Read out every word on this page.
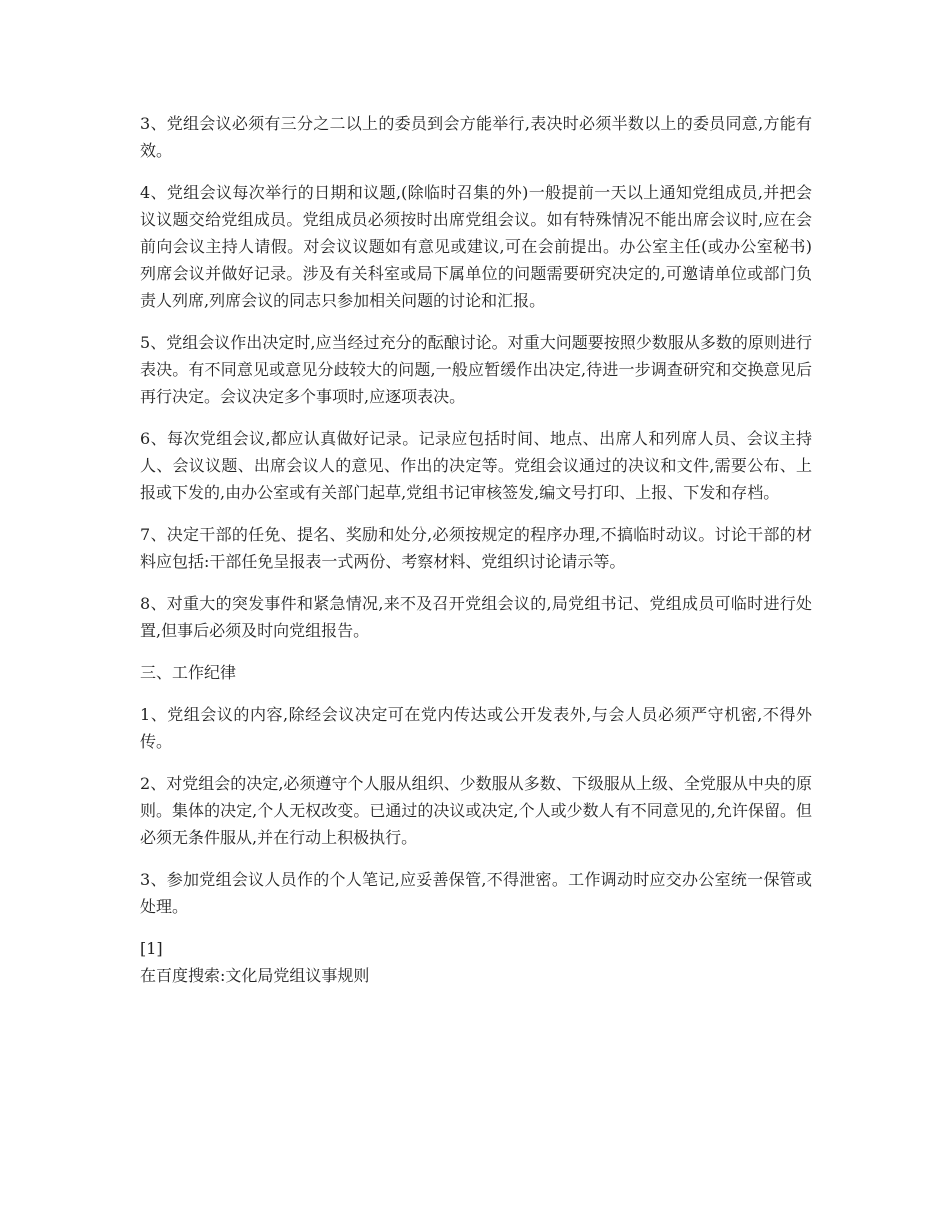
3、党组会议必须有三分之二以上的委员到会方能举行,表决时必须半数以上的委员同意,方能有效。

4、党组会议每次举行的日期和议题,(除临时召集的外)一般提前一天以上通知党组成员,并把会议议题交给党组成员。党组成员必须按时出席党组会议。如有特殊情况不能出席会议时,应在会前向会议主持人请假。对会议议题如有意见或建议,可在会前提出。办公室主任(或办公室秘书)列席会议并做好记录。涉及有关科室或局下属单位的问题需要研究决定的,可邀请单位或部门负责人列席,列席会议的同志只参加相关问题的讨论和汇报。

5、党组会议作出决定时,应当经过充分的酝酿讨论。对重大问题要按照少数服从多数的原则进行表决。有不同意见或意见分歧较大的问题,一般应暂缓作出决定,待进一步调查研究和交换意见后再行决定。会议决定多个事项时,应逐项表决。

6、每次党组会议,都应认真做好记录。记录应包括时间、地点、出席人和列席人员、会议主持人、会议议题、出席会议人的意见、作出的决定等。党组会议通过的决议和文件,需要公布、上报或下发的,由办公室或有关部门起草,党组书记审核签发,编文号打印、上报、下发和存档。

7、决定干部的任免、提名、奖励和处分,必须按规定的程序办理,不搞临时动议。讨论干部的材料应包括:干部任免呈报表一式两份、考察材料、党组织讨论请示等。

8、对重大的突发事件和紧急情况,来不及召开党组会议的,局党组书记、党组成员可临时进行处置,但事后必须及时向党组报告。

三、工作纪律

1、党组会议的内容,除经会议决定可在党内传达或公开发表外,与会人员必须严守机密,不得外传。

2、对党组会的决定,必须遵守个人服从组织、少数服从多数、下级服从上级、全党服从中央的原则。集体的决定,个人无权改变。已通过的决议或决定,个人或少数人有不同意见的,允许保留。但必须无条件服从,并在行动上积极执行。

3、参加党组会议人员作的个人笔记,应妥善保管,不得泄密。工作调动时应交办公室统一保管或处理。

[1]

在百度搜索:文化局党组议事规则
